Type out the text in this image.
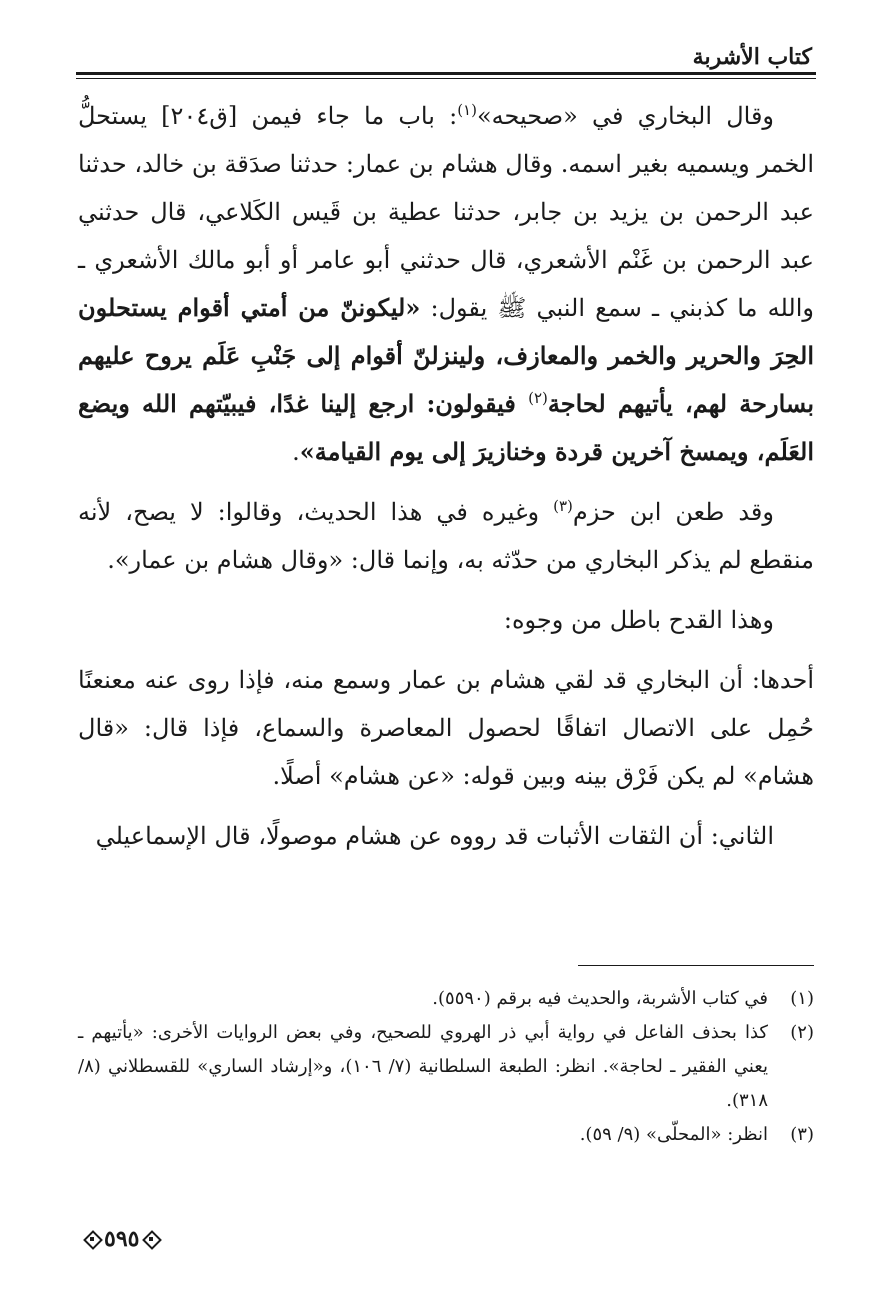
كتاب الأشربة

وقال البخاري في «صحيحه»$^{(١)}$: باب ما جاء فيمن [ق٢٠٤] يستحلُّ الخمر ويسميه بغير اسمه. وقال هشام بن عمار: حدثنا صدَقة بن خالد، حدثنا عبد الرحمن بن يزيد بن جابر، حدثنا عطية بن قَيس الكَلاعي، قال حدثني عبد الرحمن بن غَنْم الأشعري، قال حدثني أبو عامر أو أبو مالك الأشعري ـ والله ما كذبني ـ سمع النبي ﷺ يقول: «ليكوننّ من أمتي أقوام يستحلون الحِرَ والحرير والخمر والمعازف، ولينزلنّ أقوام إلى جَنْبِ عَلَم يروح عليهم بسارحة لهم، يأتيهم لحاجة$^{(٢)}$ فيقولون: ارجع إلينا غدًا، فيبيّتهم الله ويضع العَلَم، ويمسخ آخرين قردة وخنازيرَ إلى يوم القيامة».

وقد طعن ابن حزم$^{(٣)}$ وغيره في هذا الحديث، وقالوا: لا يصح، لأنه منقطع لم يذكر البخاري من حدّثه به، وإنما قال: «وقال هشام بن عمار».

وهذا القدح باطل من وجوه:

أحدها: أن البخاري قد لقي هشام بن عمار وسمع منه، فإذا روى عنه معنعنًا حُمِل على الاتصال اتفاقًا لحصول المعاصرة والسماع، فإذا قال: «قال هشام» لم يكن فَرْق بينه وبين قوله: «عن هشام» أصلًا.

الثاني: أن الثقات الأثبات قد رووه عن هشام موصولًا، قال الإسماعيلي

(١)
في كتاب الأشربة، والحديث فيه برقم (٥٥٩٠).
(٢)
كذا بحذف الفاعل في رواية أبي ذر الهروي للصحيح، وفي بعض الروايات الأخرى: «يأتيهم ـ يعني الفقير ـ لحاجة». انظر: الطبعة السلطانية (٧/ ١٠٦)، و«إرشاد الساري» للقسطلاني (٨/ ٣١٨).
(٣)
انظر: «المحلّى» (٩/ ٥٩).
٥٩٥
